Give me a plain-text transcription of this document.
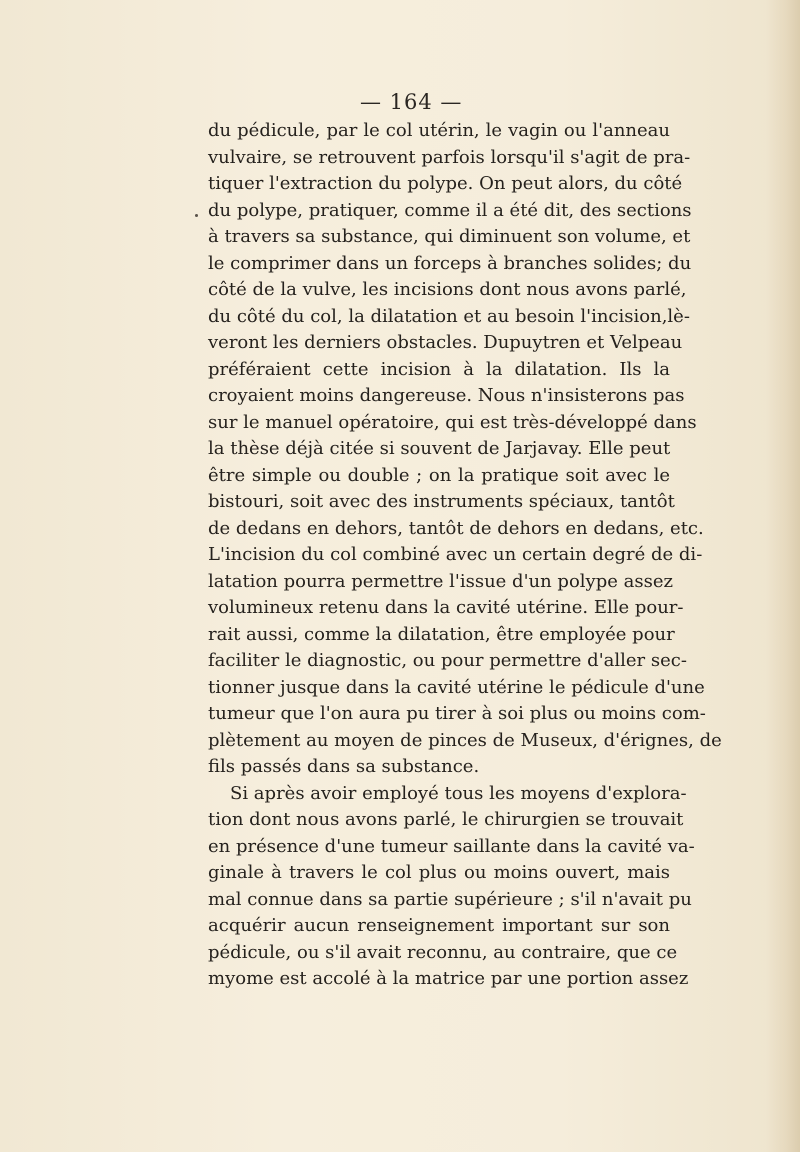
— 164 —
du pédicule, par le col utérin, le vagin ou l'anneau
vulvaire, se retrouvent parfois lorsqu'il s'agit de pra-
tiquer l'extraction du polype. On peut alors, du côté
du polype, pratiquer, comme il a été dit, des sections
à travers sa substance, qui diminuent son volume, et
le comprimer dans un forceps à branches solides; du
côté de la vulve, les incisions dont nous avons parlé,
du côté du col, la dilatation et au besoin l'incision,lè-
veront les derniers obstacles. Dupuytren et Velpeau
préféraient cette incision à la dilatation. Ils la
croyaient moins dangereuse. Nous n'insisterons pas
sur le manuel opératoire, qui est très-développé dans
la thèse déjà citée si souvent de Jarjavay. Elle peut
être simple ou double ; on la pratique soit avec le
bistouri, soit avec des instruments spéciaux, tantôt
de dedans en dehors, tantôt de dehors en dedans, etc.
L'incision du col combiné avec un certain degré de di-
latation pourra permettre l'issue d'un polype assez
volumineux retenu dans la cavité utérine. Elle pour-
rait aussi, comme la dilatation, être employée pour
faciliter le diagnostic, ou pour permettre d'aller sec-
tionner jusque dans la cavité utérine le pédicule d'une
tumeur que l'on aura pu tirer à soi plus ou moins com-
plètement au moyen de pinces de Museux, d'érignes, de
fils passés dans sa substance.
Si après avoir employé tous les moyens d'explora-
tion dont nous avons parlé, le chirurgien se trouvait
en présence d'une tumeur saillante dans la cavité va-
ginale à travers le col plus ou moins ouvert, mais
mal connue dans sa partie supérieure ; s'il n'avait pu
acquérir aucun renseignement important sur son
pédicule, ou s'il avait reconnu, au contraire, que ce
myome est accolé à la matrice par une portion assez
